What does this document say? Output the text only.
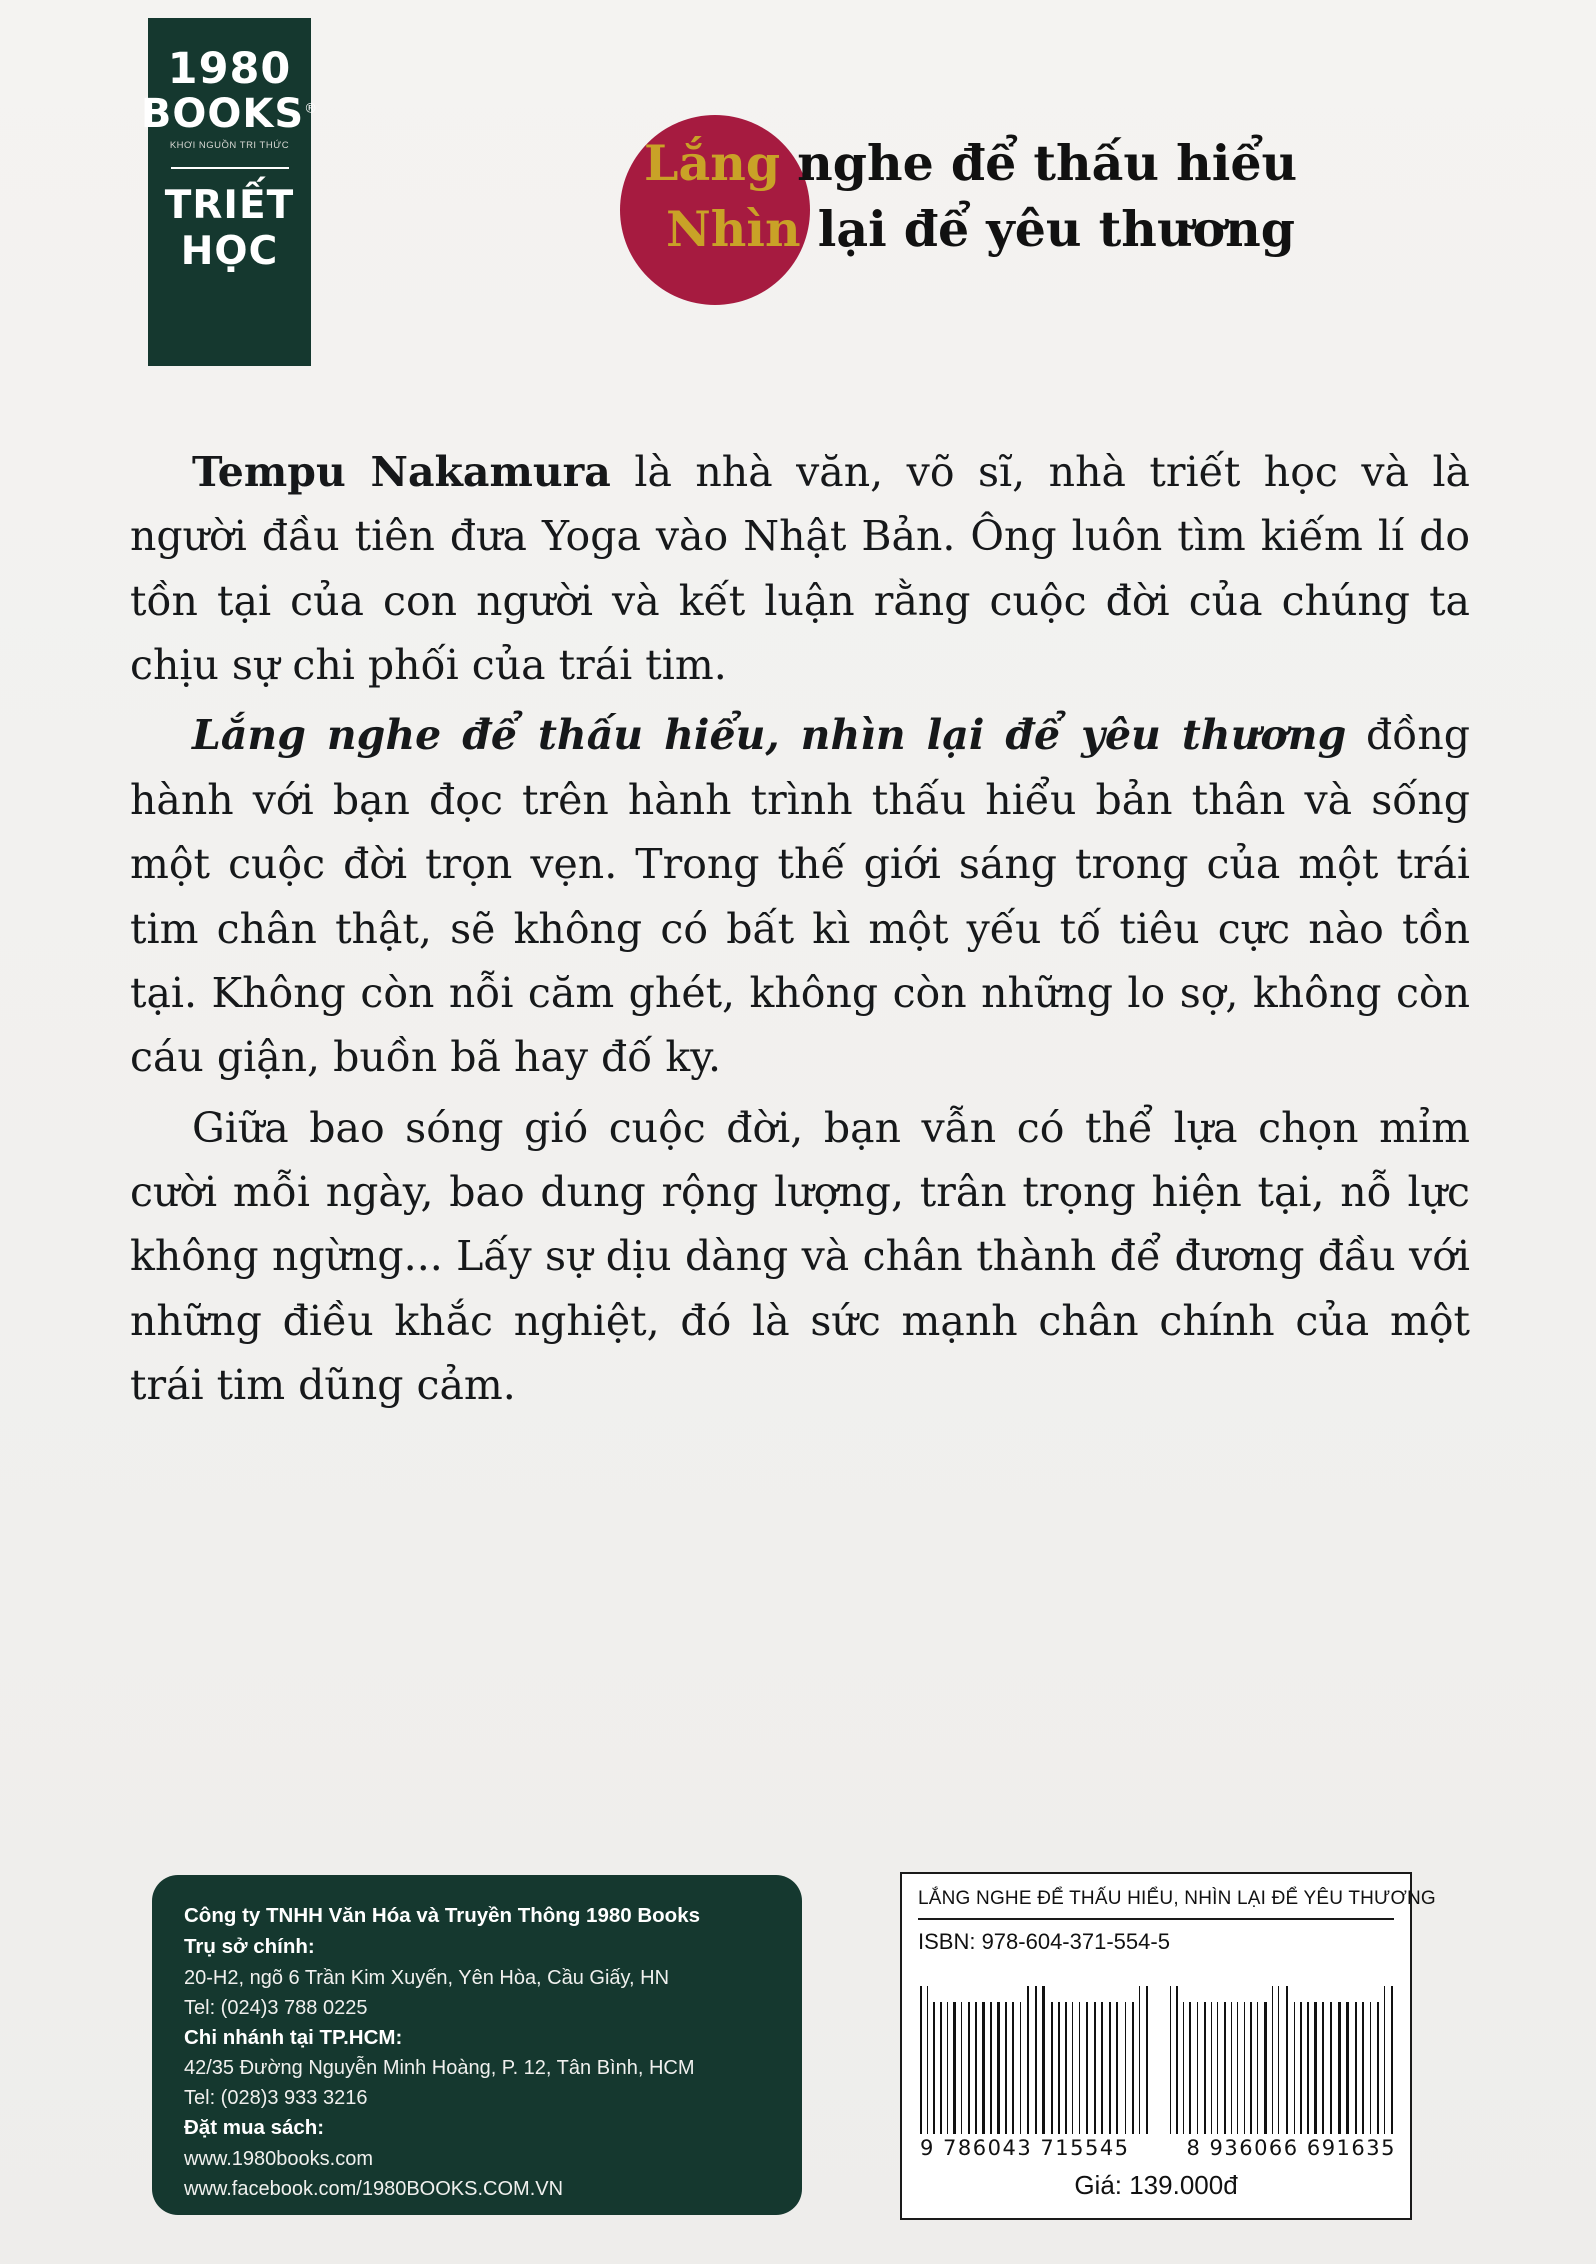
1980
BOOKS®
KHƠI NGUỒN TRI THỨC
TRIẾT
HỌC
Lắng nghe để thấu hiểu
Nhìn lại để yêu thương

Tempu Nakamura là nhà văn, võ sĩ, nhà triết học và là người đầu tiên đưa Yoga vào Nhật Bản. Ông luôn tìm kiếm lí do tồn tại của con người và kết luận rằng cuộc đời của chúng ta chịu sự chi phối của trái tim.

Lắng nghe để thấu hiểu, nhìn lại để yêu thương đồng hành với bạn đọc trên hành trình thấu hiểu bản thân và sống một cuộc đời trọn vẹn. Trong thế giới sáng trong của một trái tim chân thật, sẽ không có bất kì một yếu tố tiêu cực nào tồn tại. Không còn nỗi căm ghét, không còn những lo sợ, không còn cáu giận, buồn bã hay đố ky.

Giữa bao sóng gió cuộc đời, bạn vẫn có thể lựa chọn mỉm cười mỗi ngày, bao dung rộng lượng, trân trọng hiện tại, nỗ lực không ngừng... Lấy sự dịu dàng và chân thành để đương đầu với những điều khắc nghiệt, đó là sức mạnh chân chính của một trái tim dũng cảm.

Công ty TNHH Văn Hóa và Truyền Thông 1980 Books
Trụ sở chính:
20-H2, ngõ 6 Trần Kim Xuyến, Yên Hòa, Cầu Giấy, HN
Tel: (024)3 788 0225
Chi nhánh tại TP.HCM:
42/35 Đường Nguyễn Minh Hoàng, P. 12, Tân Bình, HCM
Tel: (028)3 933 3216
Đặt mua sách:
www.1980books.com
www.facebook.com/1980BOOKS.COM.VN
LẮNG NGHE ĐỂ THẤU HIỂU, NHÌN LẠI ĐỂ YÊU THƯƠNG
ISBN: 978-604-371-554-5
9 786043 715545	8 936066 691635
Giá: 139.000đ
